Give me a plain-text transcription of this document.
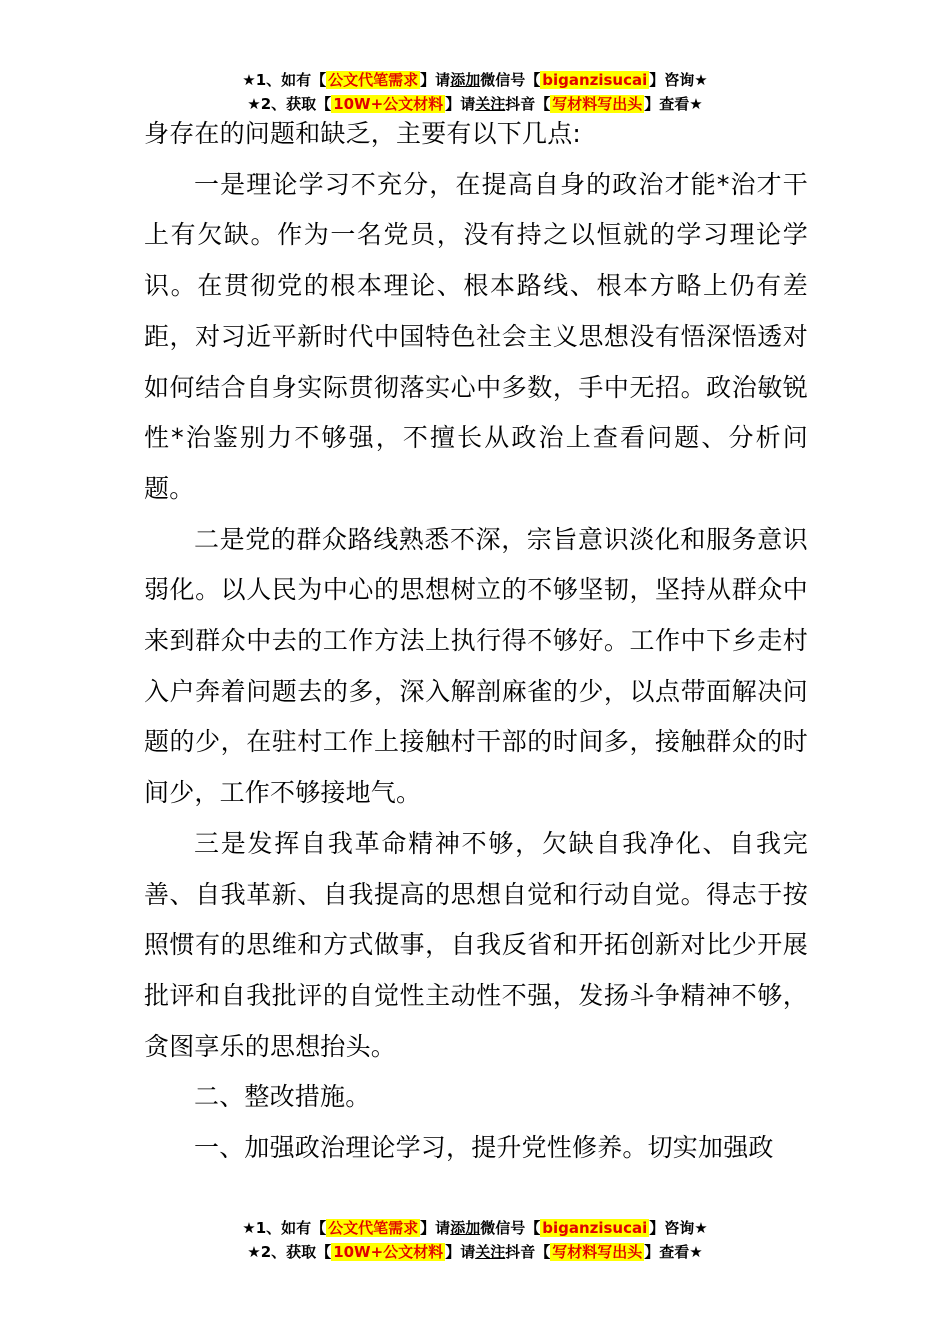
★1、如有【 公文代笔需求 】请添加微信号【 biganzisucai 】咨询★
★2、获取【 10W+公文材料 】请关注抖音【 写材料写出头 】查看★

身存在的问题和缺乏，主要有以下几点:

一是理论学习不充分，在提高自身的政治才能*治才干上有欠缺。作为一名党员，没有持之以恒就的学习理论学识。在贯彻党的根本理论、根本路线、根本方略上仍有差距，对习近平新时代中国特色社会主义思想没有悟深悟透对如何结合自身实际贯彻落实心中多数，手中无招。政治敏锐性*治鉴别力不够强，不擅长从政治上查看问题、分析问题。

二是党的群众路线熟悉不深，宗旨意识淡化和服务意识弱化。以人民为中心的思想树立的不够坚韧，坚持从群众中来到群众中去的工作方法上执行得不够好。工作中下乡走村入户奔着问题去的多，深入解剖麻雀的少，以点带面解决问题的少，在驻村工作上接触村干部的时间多，接触群众的时间少，工作不够接地气。

三是发挥自我革命精神不够，欠缺自我净化、自我完善、自我革新、自我提高的思想自觉和行动自觉。得志于按照惯有的思维和方式做事，自我反省和开拓创新对比少开展批评和自我批评的自觉性主动性不强，发扬斗争精神不够，贪图享乐的思想抬头。

二、整改措施。

一、加强政治理论学习，提升党性修养。切实加强政

★1、如有【 公文代笔需求 】请添加微信号【 biganzisucai 】咨询★
★2、获取【 10W+公文材料 】请关注抖音【 写材料写出头 】查看★
